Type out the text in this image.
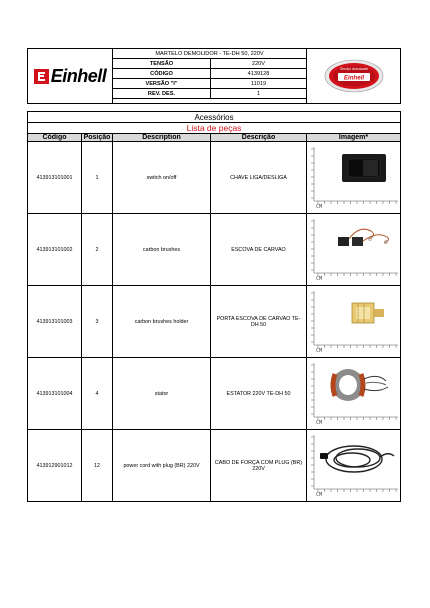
Einhell	MARTELO DEMOLIDOR - TE-DH 50, 220V		Einhell
Serviço Autorizado

	TENSÃO	220V	
	CÓDIGO	4139128	
	VERSÃO "I"	11019	
	REV. DES.	1	

Acessórios				
Lista de peças				
Código	Posição	Description	Descrição	Imagem*
413913101001	1	switch on/off	CHAVE LIGA/DESLIGA	CM

413913101002	2	carbon brushes	ESCOVA DE CARVAO	CM

413913101003	3	carbon brushes holder	PORTA ESCOVA DE CARVAO TE-DH 50	CM

413913101004	4	stator	ESTATOR 220V TE-DH 50	CM

413912901012	12	power cord with plug (BR) 220V	CABO DE FORÇA COM PLUG (BR) 220V	CM
